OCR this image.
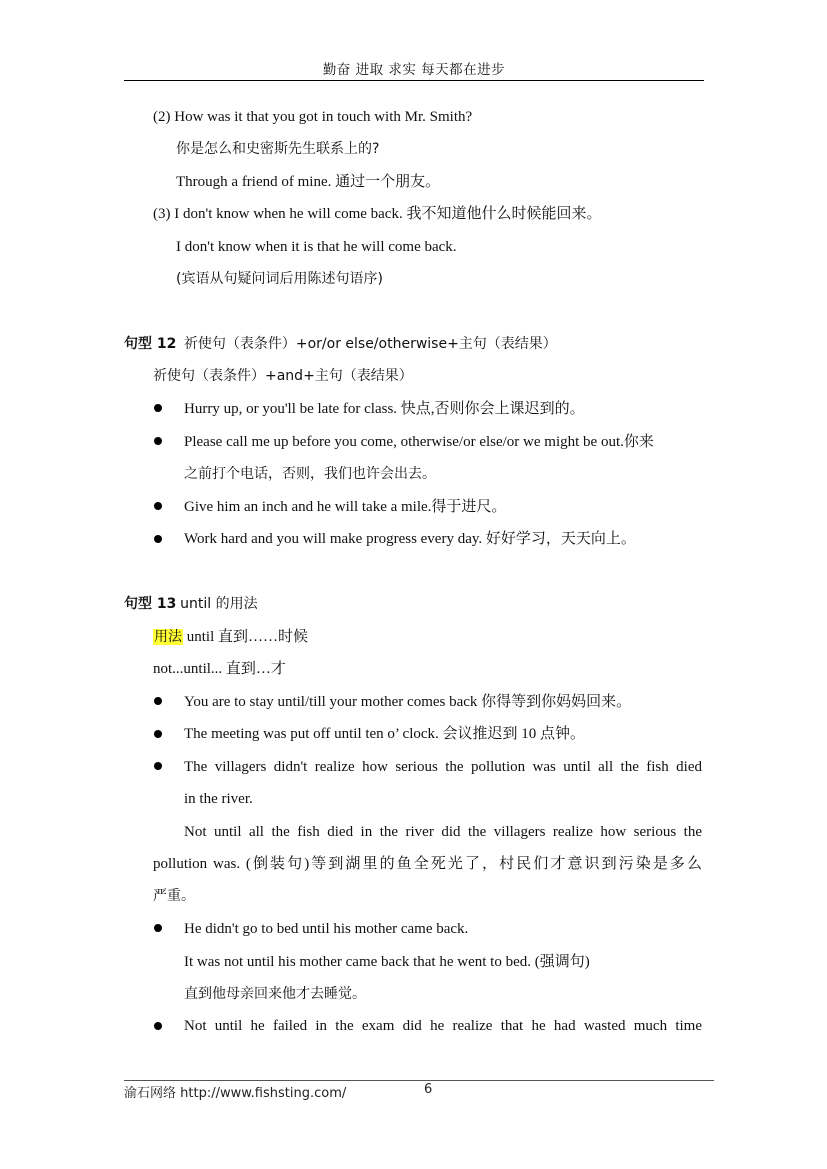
勤奋 进取 求实 每天都在进步
(2) How was it that you got in touch with Mr. Smith?
你是怎么和史密斯先生联系上的?
Through a friend of mine. 通过一个朋友。
(3) I don't know when he will come back. 我不知道他什么时候能回来。
I don't know when it is that he will come back.
(宾语从句疑问词后用陈述句语序)
句型 12 祈使句（表条件）+or/or else/otherwise+主句（表结果）
祈使句（表条件）+and+主句（表结果）
Hurry up, or you'll be late for class. 快点,否则你会上课迟到的。
Please call me up before you come, otherwise/or else/or we might be out.你来
之前打个电话，否则，我们也许会出去。
Give him an inch and he will take a mile.得于进尺。
Work hard and you will make progress every day. 好好学习，天天向上。
句型 13 until 的用法
用法 until 直到……时候
not...until... 直到…才
You are to stay until/till your mother comes back 你得等到你妈妈回来。
The meeting was put off until ten o’ clock. 会议推迟到 10 点钟。
The villagers didn't realize how serious the pollution was until all the fish died
in the river.
Not until all the fish died in the river did the villagers realize how serious the
pollution was. (倒装句)等到湖里的鱼全死光了，村民们才意识到污染是多么
严重。
He didn't go to bed until his mother came back.
It was not until his mother came back that he went to bed. (强调句)
直到他母亲回来他才去睡觉。
Not until he failed in the exam did he realize that he had wasted much time
渝石网络 http://www.fishsting.com/	6
